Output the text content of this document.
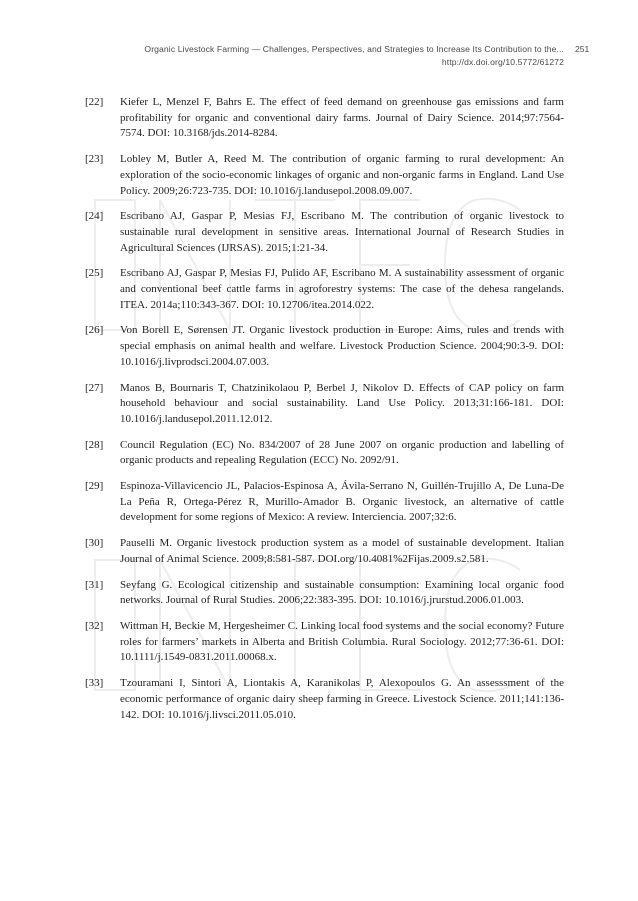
Organic Livestock Farming — Challenges, Perspectives, and Strategies to Increase Its Contribution to the...
http://dx.doi.org/10.5772/61272
251
[22] Kiefer L, Menzel F, Bahrs E. The effect of feed demand on greenhouse gas emissions and farm profitability for organic and conventional dairy farms. Journal of Dairy Science. 2014;97:7564-7574. DOI: 10.3168/jds.2014-8284.
[23] Lobley M, Butler A, Reed M. The contribution of organic farming to rural development: An exploration of the socio-economic linkages of organic and non-organic farms in England. Land Use Policy. 2009;26:723-735. DOI: 10.1016/j.landusepol.2008.09.007.
[24] Escribano AJ, Gaspar P, Mesias FJ, Escribano M. The contribution of organic livestock to sustainable rural development in sensitive areas. International Journal of Research Studies in Agricultural Sciences (IJRSAS). 2015;1:21-34.
[25] Escribano AJ, Gaspar P, Mesias FJ, Pulido AF, Escribano M. A sustainability assessment of organic and conventional beef cattle farms in agroforestry systems: The case of the dehesa rangelands. ITEA. 2014a;110:343-367. DOI: 10.12706/itea.2014.022.
[26] Von Borell E, Sørensen JT. Organic livestock production in Europe: Aims, rules and trends with special emphasis on animal health and welfare. Livestock Production Science. 2004;90:3-9. DOI: 10.1016/j.livprodsci.2004.07.003.
[27] Manos B, Bournaris T, Chatzinikolaou P, Berbel J, Nikolov D. Effects of CAP policy on farm household behaviour and social sustainability. Land Use Policy. 2013;31:166-181. DOI: 10.1016/j.landusepol.2011.12.012.
[28] Council Regulation (EC) No. 834/2007 of 28 June 2007 on organic production and labelling of organic products and repealing Regulation (ECC) No. 2092/91.
[29] Espinoza-Villavicencio JL, Palacios-Espinosa A, Ávila-Serrano N, Guillén-Trujillo A, De Luna-De La Peña R, Ortega-Pérez R, Murillo-Amador B. Organic livestock, an alternative of cattle development for some regions of Mexico: A review. Interciencia. 2007;32:6.
[30] Pauselli M. Organic livestock production system as a model of sustainable development. Italian Journal of Animal Science. 2009;8:581-587. DOI.org/10.4081%2Fijas.2009.s2.581.
[31] Seyfang G. Ecological citizenship and sustainable consumption: Examining local organic food networks. Journal of Rural Studies. 2006;22:383-395. DOI: 10.1016/j.jrurstud.2006.01.003.
[32] Wittman H, Beckie M, Hergesheimer C. Linking local food systems and the social economy? Future roles for farmers’ markets in Alberta and British Columbia. Rural Sociology. 2012;77:36-61. DOI: 10.1111/j.1549-0831.2011.00068.x.
[33] Tzouramani I, Sintori A, Liontakis A, Karanikolas P, Alexopoulos G. An assesssment of the economic performance of organic dairy sheep farming in Greece. Livestock Science. 2011;141:136-142. DOI: 10.1016/j.livsci.2011.05.010.
